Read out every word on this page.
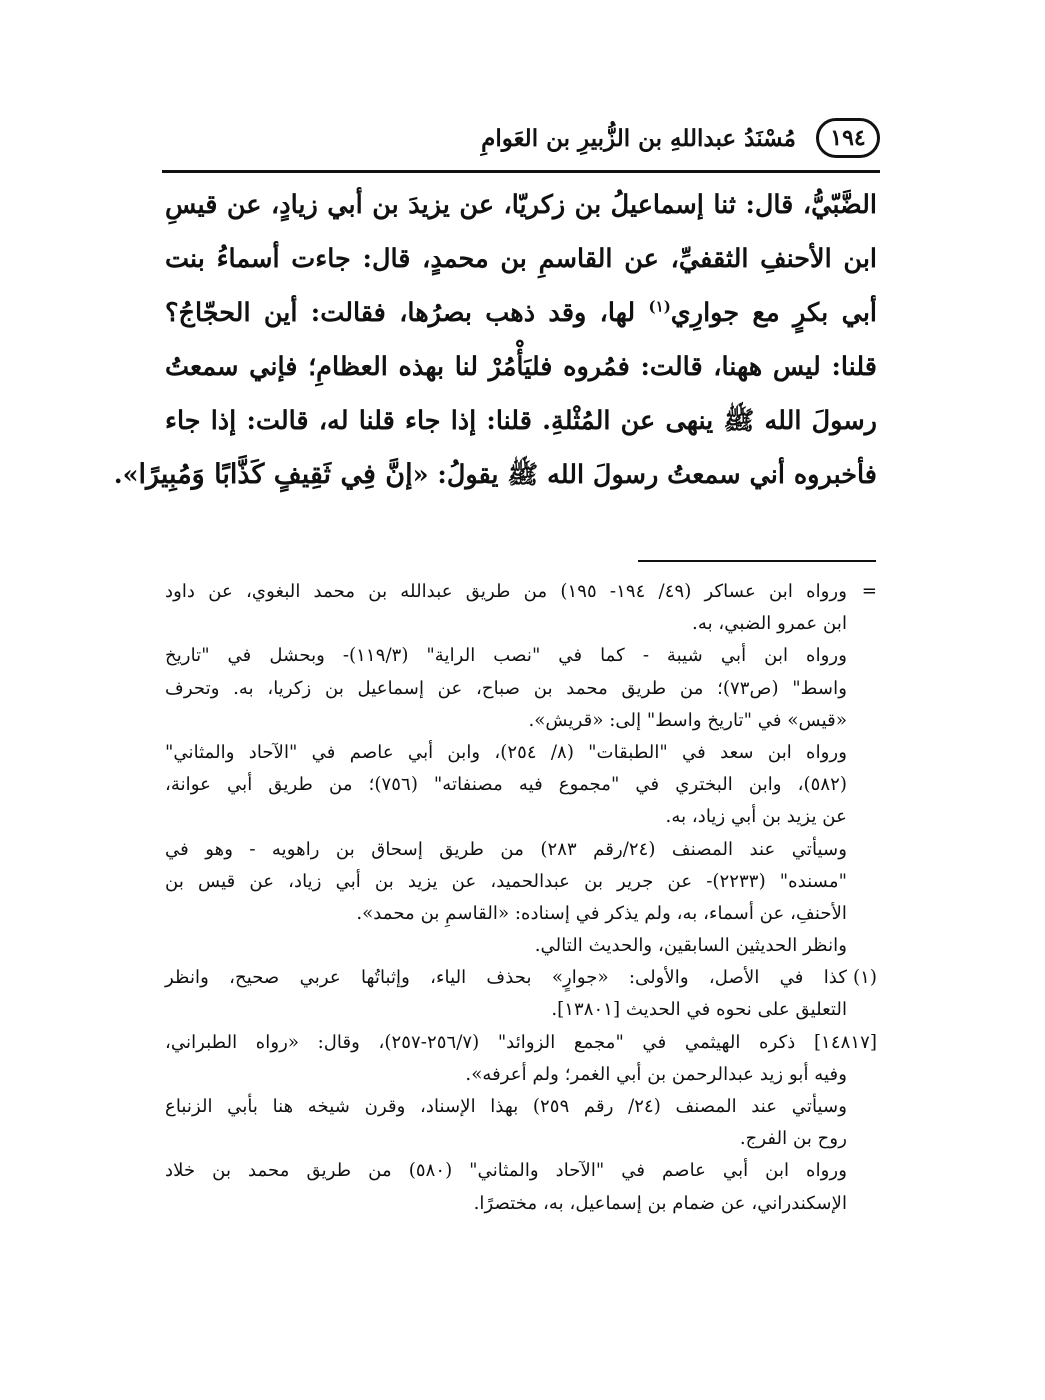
١٩٤
مُسْنَدُ عبداللهِ بن الزُّبيرِ بن العَوامِ
الضَّبّيُّ، قال: ثنا إسماعيلُ بن زكريّا، عن يزيدَ بن أبي زيادٍ، عن قيسِ
ابن الأحنفِ الثقفيِّ، عن القاسمِ بن محمدٍ، قال: جاءت أسماءُ بنت
أبي بكرٍ مع جوارِي$^{(١)}$ لها، وقد ذهب بصرُها، فقالت: أين الحجّاجُ؟
قلنا: ليس ههنا، قالت: فمُروه فليَأْمُرْ لنا بهذه العظامِ؛ فإني سمعتُ
رسولَ الله ﷺ ينهى عن المُثْلةِ. قلنا: إذا جاء قلنا له، قالت: إذا جاء
فأخبروه أني سمعتُ رسولَ الله ﷺ يقولُ: «إنَّ فِي ثَقِيفٍ كَذَّابًا وَمُبِيرًا».
=ورواه ابن عساكر (٤٩/ ١٩٤- ١٩٥) من طريق عبدالله بن محمد البغوي، عن داود
ابن عمرو الضبي، به.
ورواه ابن أبي شيبة - كما في "نصب الراية" (١١٩/٣)- وبحشل في "تاريخ
واسط" (ص٧٣)؛ من طريق محمد بن صباح، عن إسماعيل بن زكريا، به. وتحرف
«قيس» في "تاريخ واسط" إلى: «قريش».
ورواه ابن سعد في "الطبقات" (٨/ ٢٥٤)، وابن أبي عاصم في "الآحاد والمثاني"
(٥٨٢)، وابن البختري في "مجموع فيه مصنفاته" (٧٥٦)؛ من طريق أبي عوانة،
عن يزيد بن أبي زياد، به.
وسيأتي عند المصنف (٢٤/رقم ٢٨٣) من طريق إسحاق بن راهويه - وهو في
"مسنده" (٢٢٣٣)- عن جرير بن عبدالحميد، عن يزيد بن أبي زياد، عن قيس بن
الأحنفِ، عن أسماء، به، ولم يذكر في إسناده: «القاسمِ بن محمد».
وانظر الحديثين السابقين، والحديث التالي.
(١)كذا في الأصل، والأولى: «جوارٍ» بحذف الياء، وإثباتُها عربي صحيح، وانظر
التعليق على نحوه في الحديث [١٣٨٠١].
[١٤٨١٧] ذكره الهيثمي في "مجمع الزوائد" (٢٥٦/٧-٢٥٧)، وقال: «رواه الطبراني،
وفيه أبو زيد عبدالرحمن بن أبي الغمر؛ ولم أعرفه».
وسيأتي عند المصنف (٢٤/ رقم ٢٥٩) بهذا الإسناد، وقرن شيخه هنا بأبي الزنباع
روح بن الفرج.
ورواه ابن أبي عاصم في "الآحاد والمثاني" (٥٨٠) من طريق محمد بن خلاد
الإسكندراني، عن ضمام بن إسماعيل، به، مختصرًا.
